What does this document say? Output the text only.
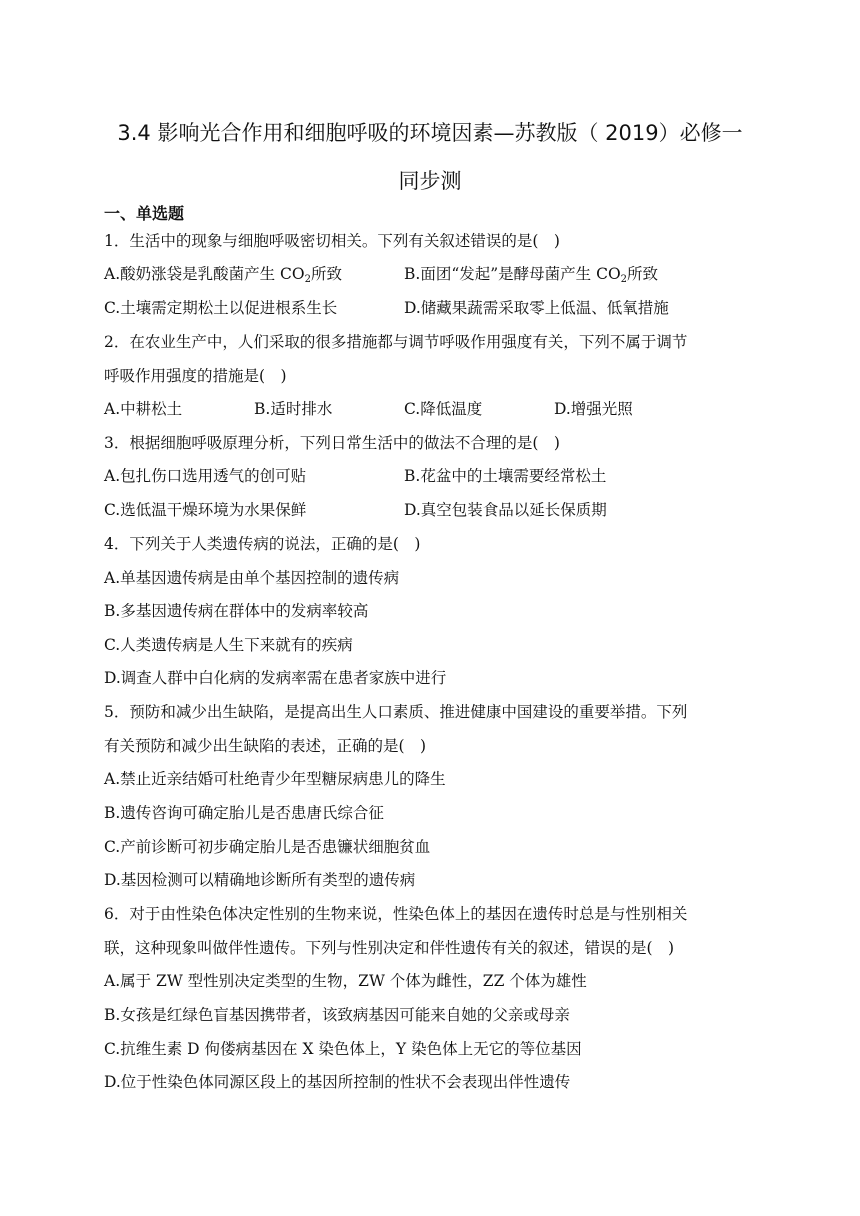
3.4 影响光合作用和细胞呼吸的环境因素—苏教版（ 2019）必修一
同步测
一、单选题
1．生活中的现象与细胞呼吸密切相关。下列有关叙述错误的是(　)
A.酸奶涨袋是乳酸菌产生 $CO_2$所致	B.面团“发起”是酵母菌产生 $CO_2$所致
C.土壤需定期松土以促进根系生长	D.储藏果蔬需采取零上低温、低氧措施
2．在农业生产中，人们采取的很多措施都与调节呼吸作用强度有关，下列不属于调节
呼吸作用强度的措施是(　)
A.中耕松土	B.适时排水	C.降低温度	D.增强光照
3．根据细胞呼吸原理分析，下列日常生活中的做法不合理的是(　)
A.包扎伤口选用透气的创可贴	B.花盆中的土壤需要经常松土
C.选低温干燥环境为水果保鲜	D.真空包装食品以延长保质期
4．下列关于人类遗传病的说法，正确的是(　)
A.单基因遗传病是由单个基因控制的遗传病
B.多基因遗传病在群体中的发病率较高
C.人类遗传病是人生下来就有的疾病
D.调查人群中白化病的发病率需在患者家族中进行
5．预防和减少出生缺陷，是提高出生人口素质、推进健康中国建设的重要举措。下列
有关预防和减少出生缺陷的表述，正确的是(　)
A.禁止近亲结婚可杜绝青少年型糖尿病患儿的降生
B.遗传咨询可确定胎儿是否患唐氏综合征
C.产前诊断可初步确定胎儿是否患镰状细胞贫血
D.基因检测可以精确地诊断所有类型的遗传病
6．对于由性染色体决定性别的生物来说，性染色体上的基因在遗传时总是与性别相关
联，这种现象叫做伴性遗传。下列与性别决定和伴性遗传有关的叙述，错误的是(　)
A.属于 ZW 型性别决定类型的生物，ZW 个体为雌性，ZZ 个体为雄性
B.女孩是红绿色盲基因携带者，该致病基因可能来自她的父亲或母亲
C.抗维生素 D 佝偻病基因在 X 染色体上，Y 染色体上无它的等位基因
D.位于性染色体同源区段上的基因所控制的性状不会表现出伴性遗传
